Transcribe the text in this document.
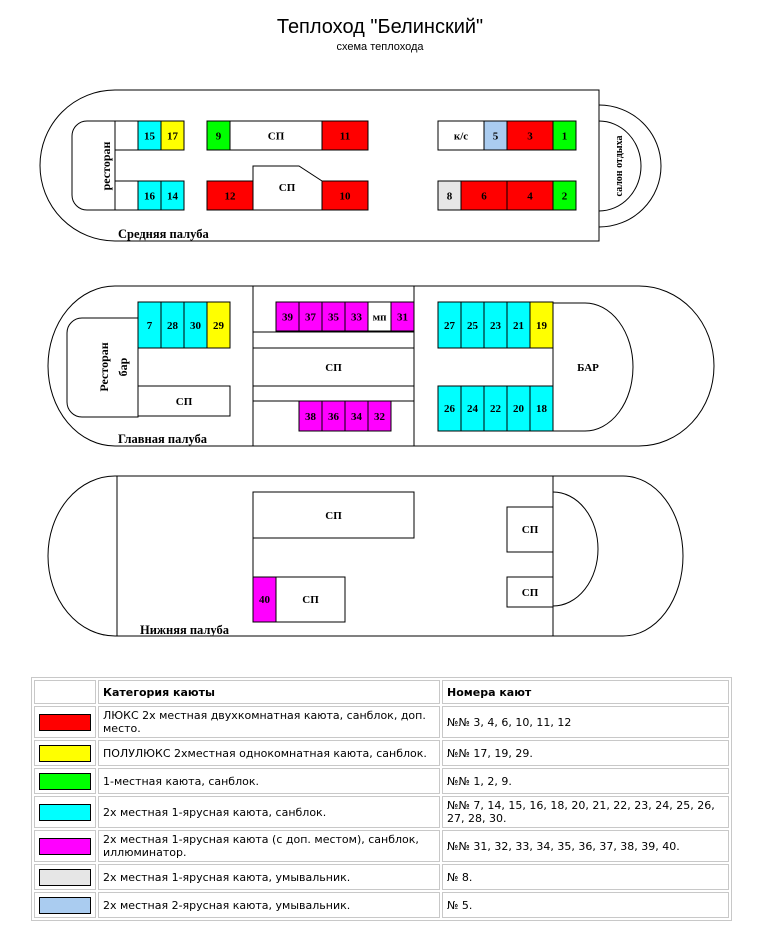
Теплоход "Белинский"
схема теплохода
ресторан
15 17
16 14
9	СП	11
12
СП
10
к/с 5	3	1
8	6	4	2
салон отдыха
Средняя палуба
БАР
Ресторан бар
СП
СП
7 28 30 29
39 37 35 33 мп 31
38 36 34 32
27 25 23 21 19
26 24 22 20 18
Главная палуба
СП
40	СП
СП
СП
Нижняя палуба
	Категория каюты	Номера кают

	ЛЮКС 2х местная двухкомнатная каюта, санблок, доп. место.	№№ 3, 4, 6, 10, 11, 12

	ПОЛУЛЮКС 2хместная однокомнатная каюта, санблок.	№№ 17, 19, 29.

	1-местная каюта, санблок.	№№ 1, 2, 9.

	2х местная 1-ярусная каюта, санблок.	№№ 7, 14, 15, 16, 18, 20, 21, 22, 23, 24, 25, 26, 27, 28, 30.

	2х местная 1-ярусная каюта (с доп. местом), санблок, иллюминатор.	№№ 31, 32, 33, 34, 35, 36, 37, 38, 39, 40.

	2х местная 1-ярусная каюта, умывальник.	№ 8.

	2х местная 2-ярусная каюта, умывальник.	№ 5.
